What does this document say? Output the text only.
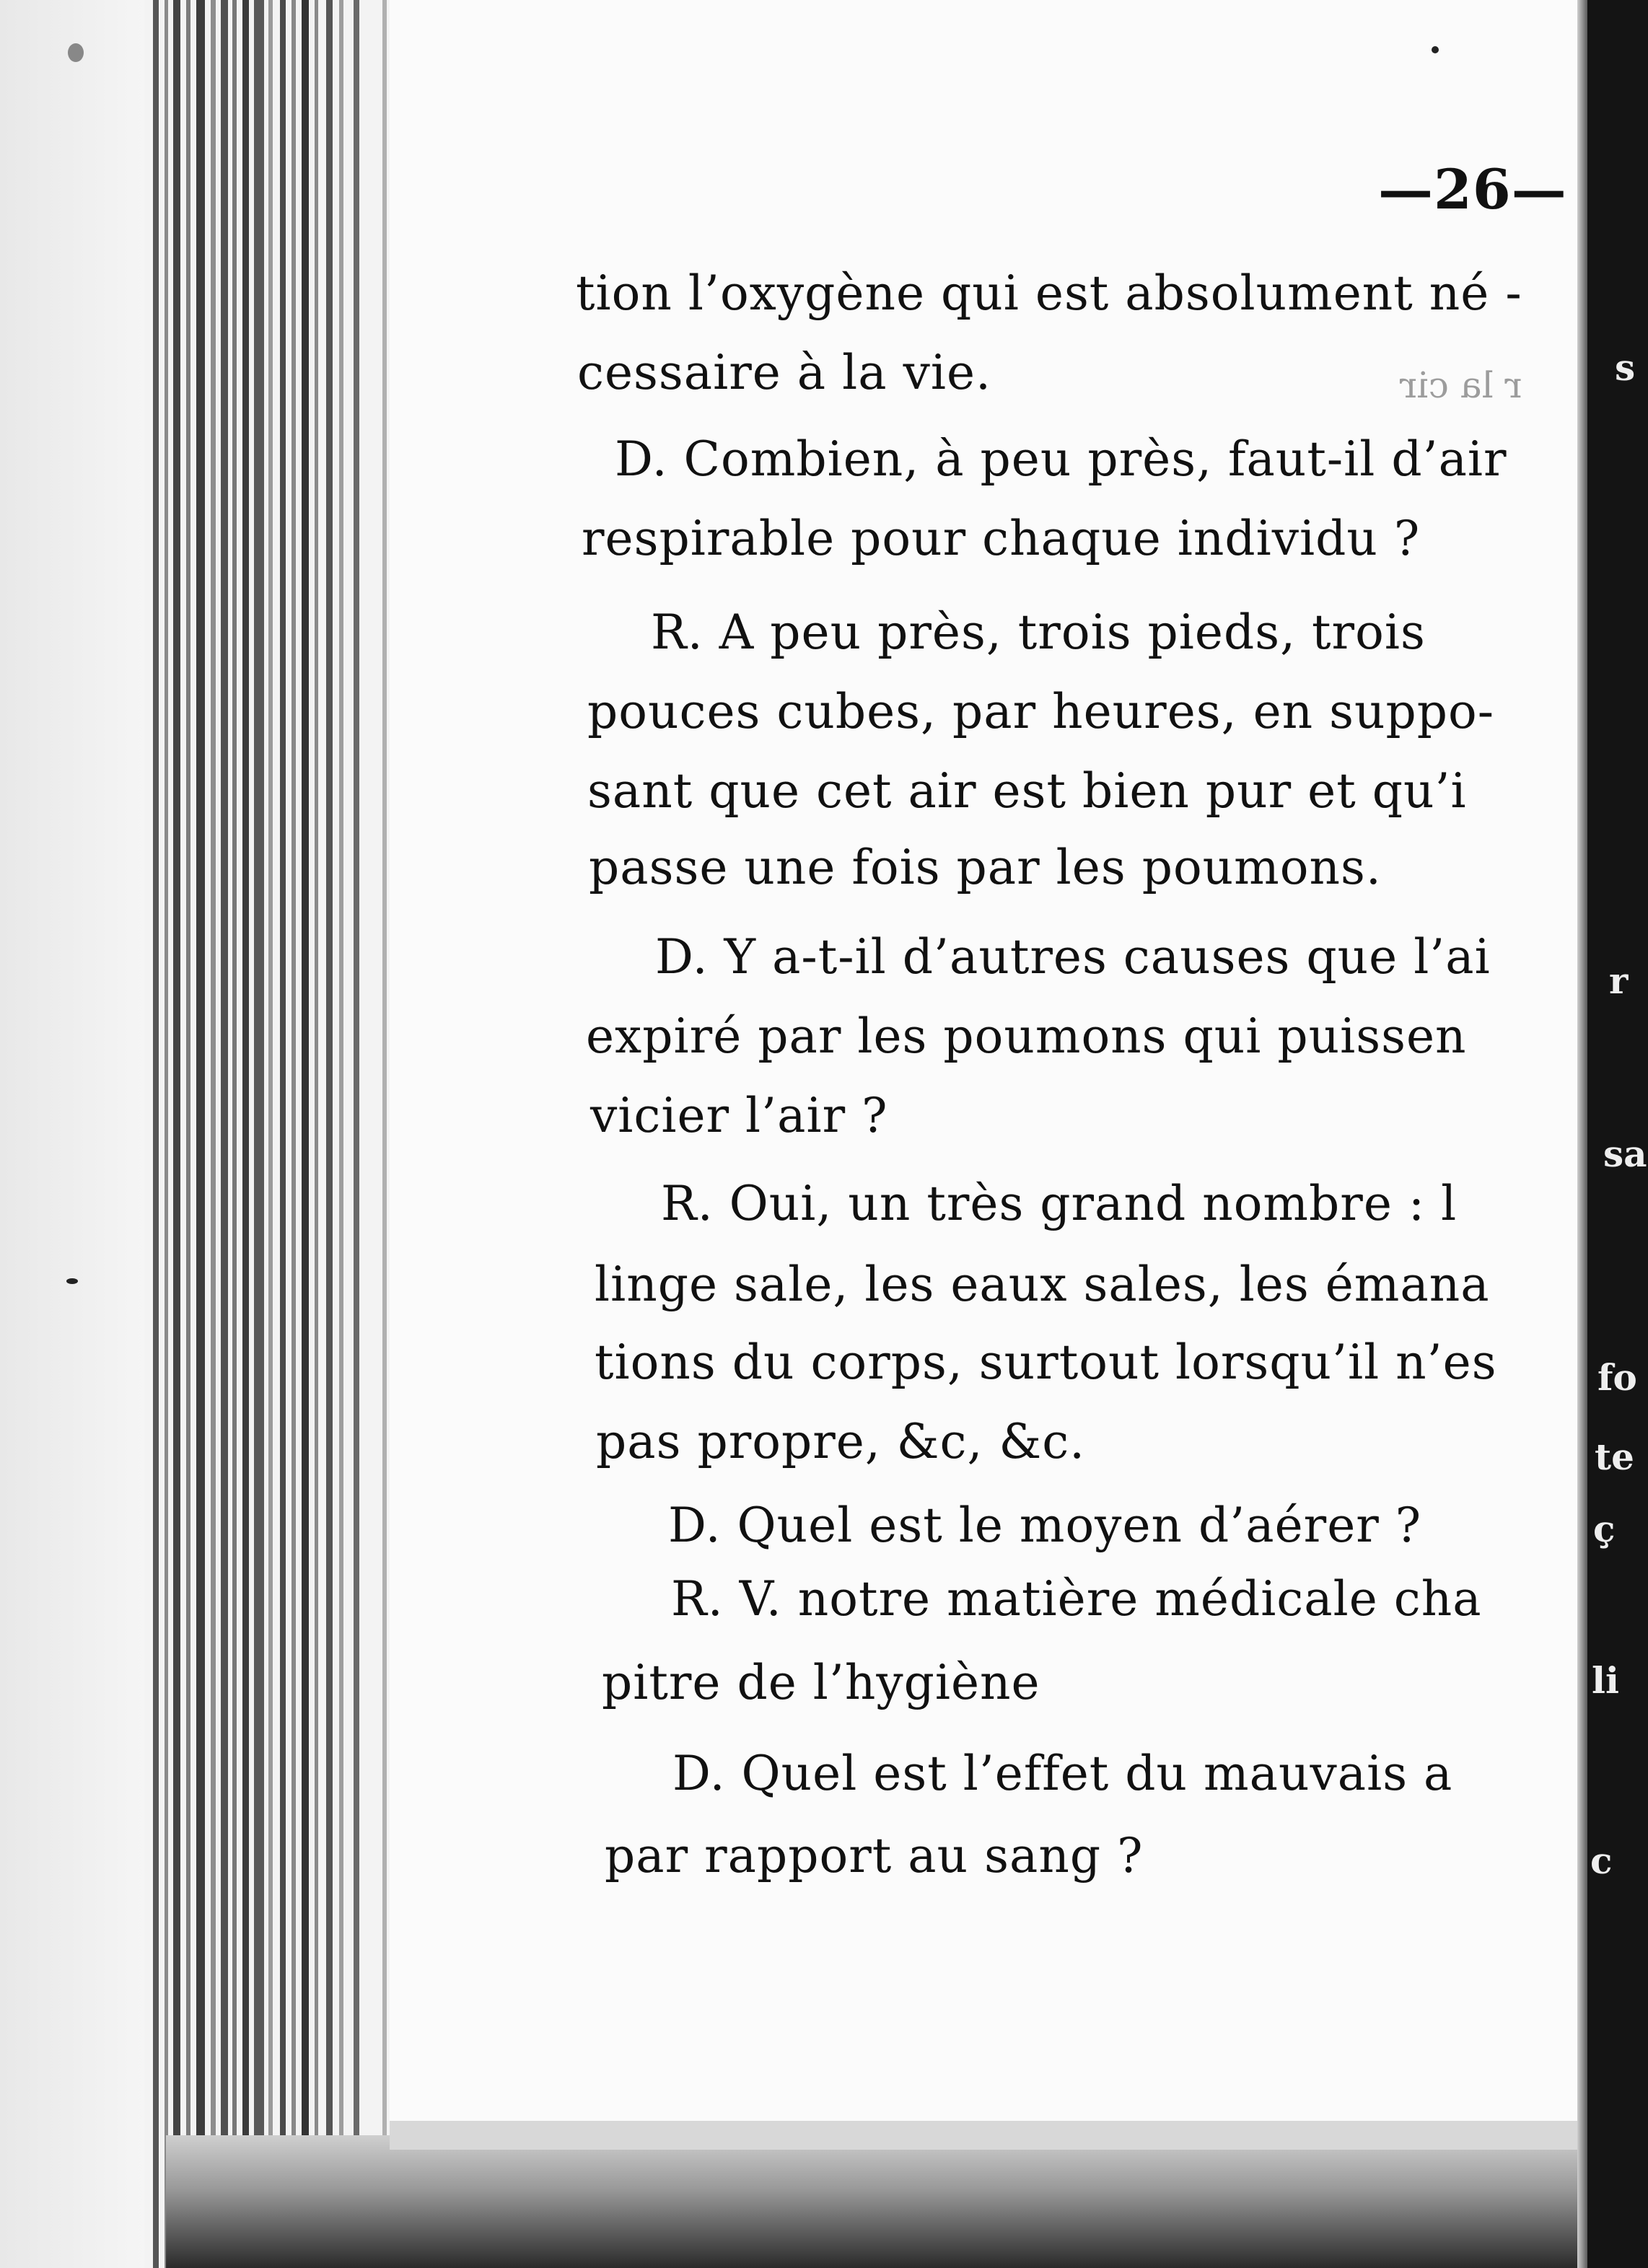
—26—
tion l’oxygène qui est absolument né -
cessaire à la vie.
D. Combien, à peu près, faut-il d’air
respirable pour chaque individu ?
R. A peu près, trois pieds, trois
pouces cubes, par heures, en suppo-
sant que cet air est bien pur et qu’i
passe une fois par les poumons.
D. Y a-t-il d’autres causes que l’ai
expiré par les poumons qui puissen
vicier l’air ?
R. Oui, un très grand nombre : l
linge sale, les eaux sales, les émana
tions du corps, surtout lorsqu’il n’es
pas propre, &c, &c.
D. Quel est le moyen d’aérer ?
R. V. notre matière médicale cha
pitre de l’hygiène
D. Quel est l’effet du mauvais a
par rapport au sang ?
r la cir	s
r
sa
fo
te
ç
li
c
